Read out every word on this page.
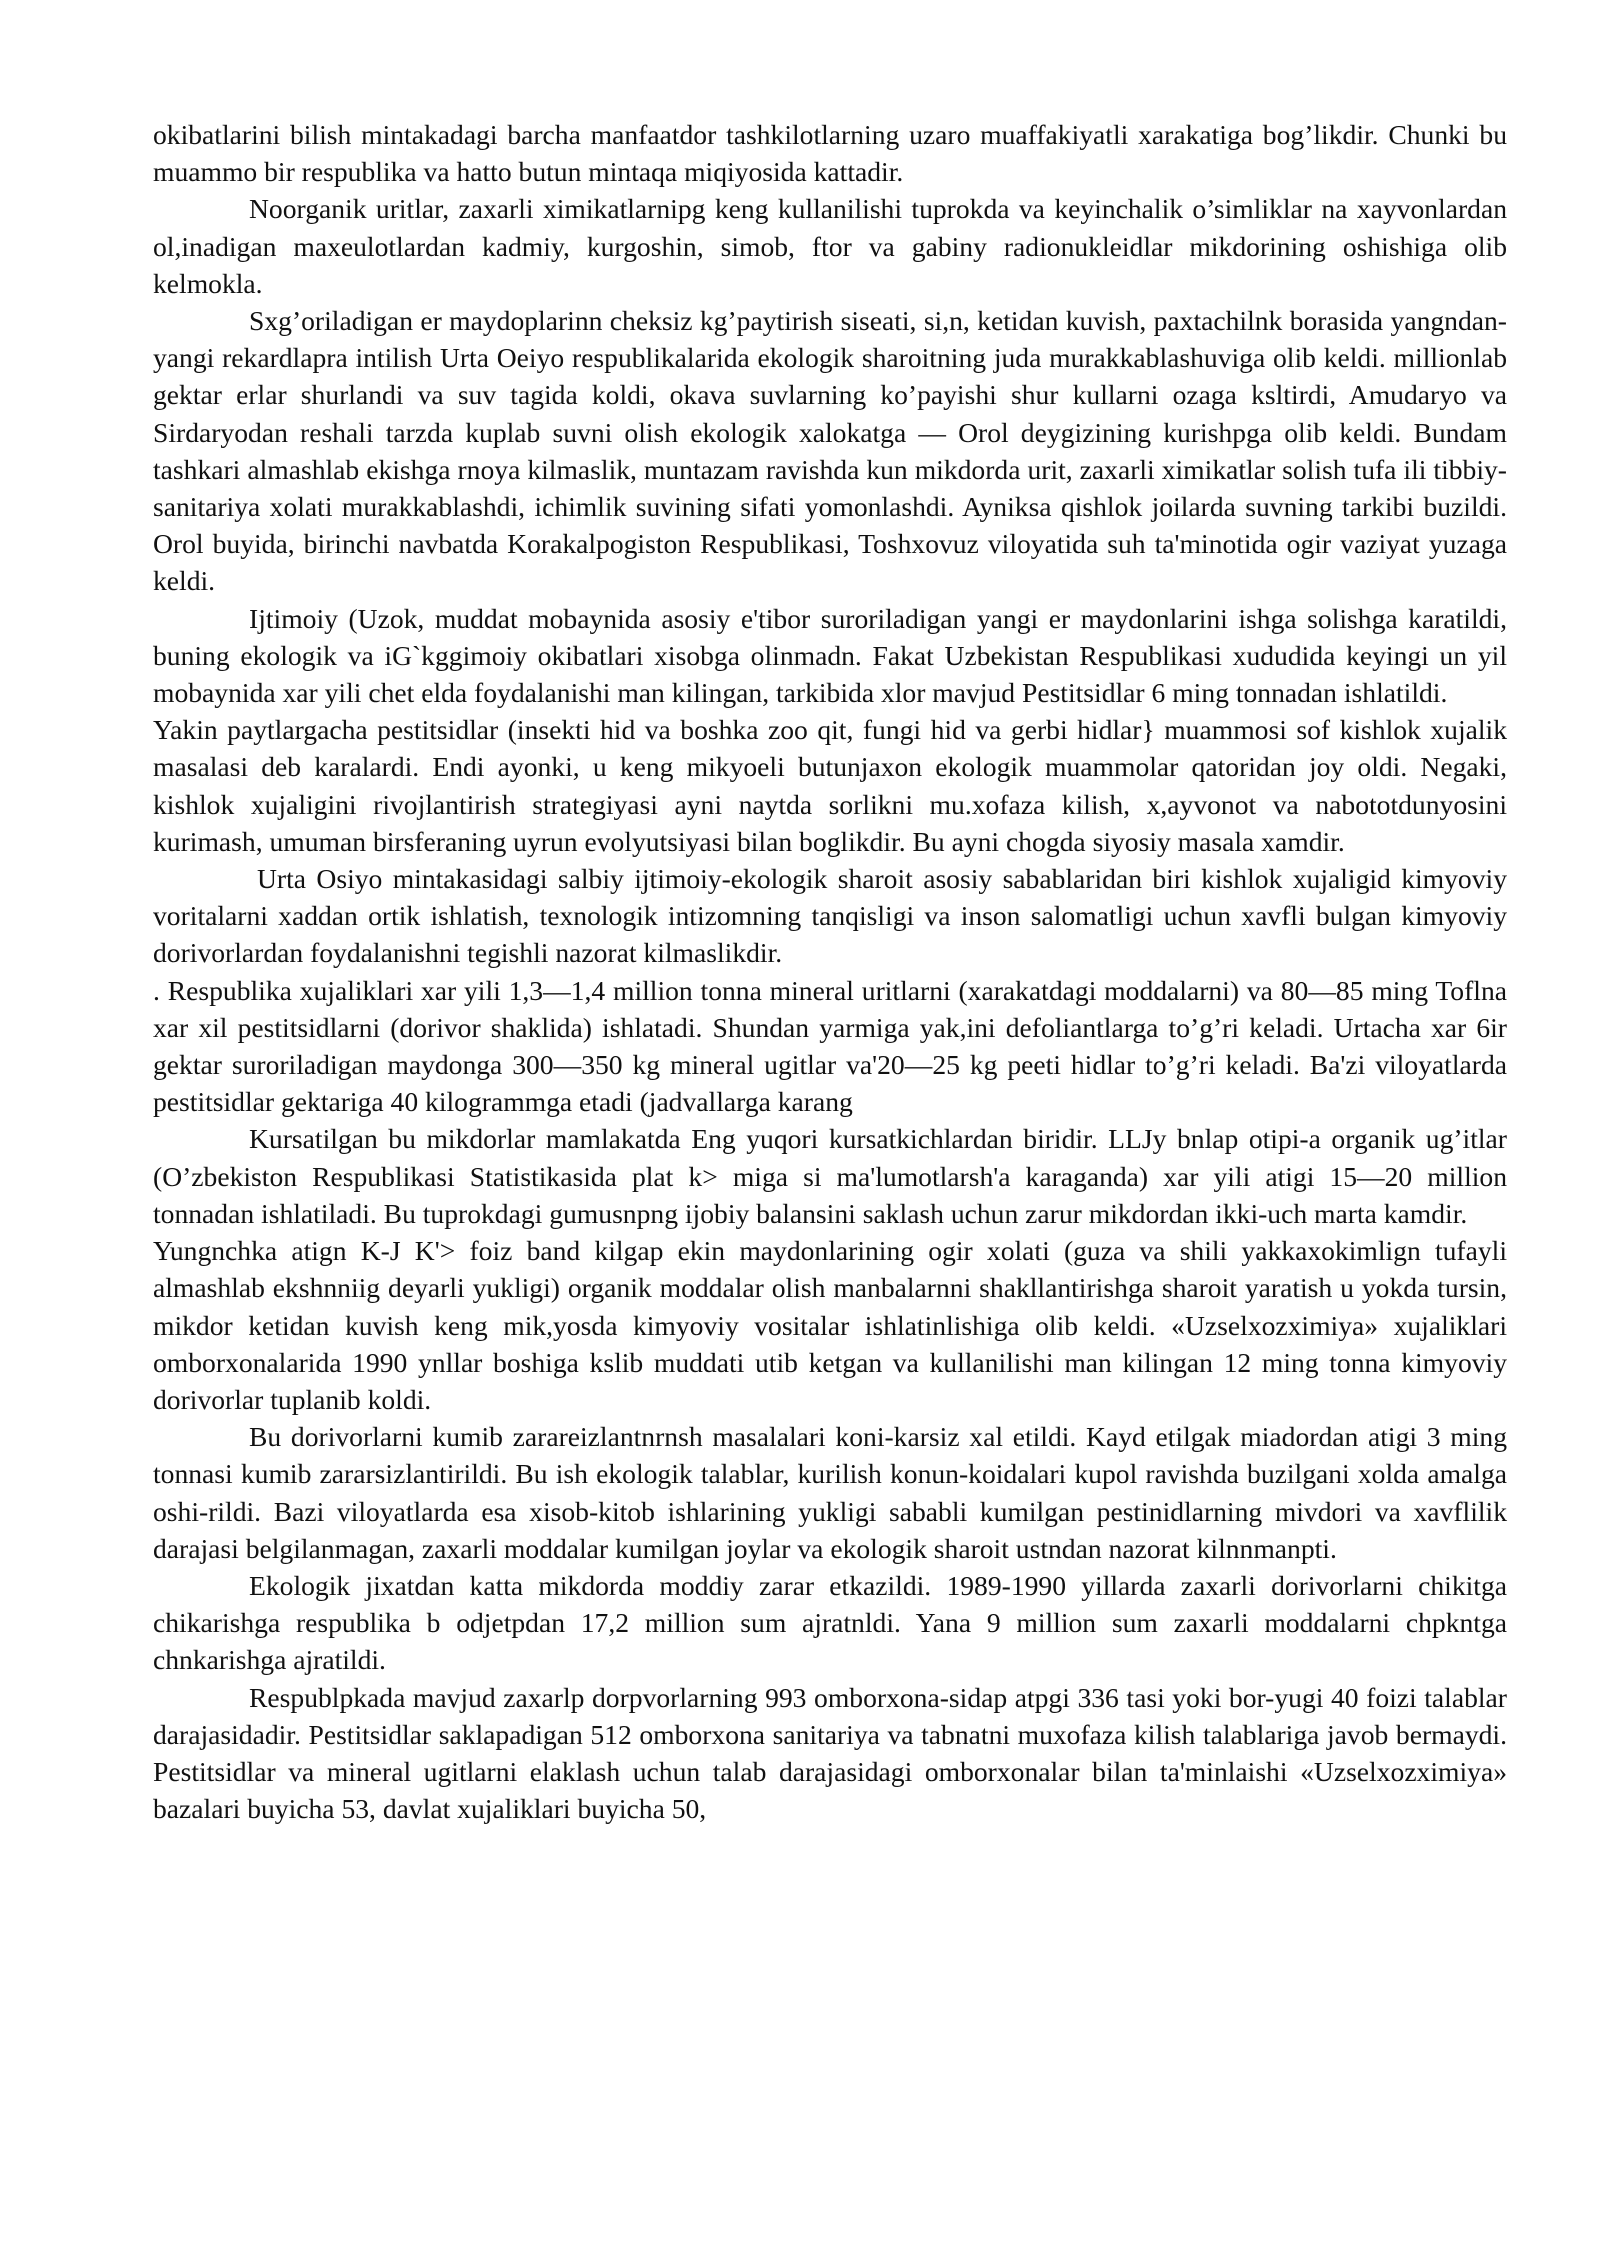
okibatlarini bilish mintakadagi barcha manfaatdor tashkilotlarning uzaro muaffakiyatli xarakatiga bog’likdir. Chunki bu muammo bir respublika va hatto butun mintaqa miqiyosida kattadir.

Noorganik uritlar, zaxarli ximikatlarnipg keng kullanilishi tuprokda va keyinchalik o’simliklar na xayvonlardan ol,inadigan maxeulotlardan kadmiy, kurgoshin, simob, ftor va gabiny radionukleidlar mikdorining oshishiga olib kelmokla.

Sxg’oriladigan er maydoplarinn cheksiz kg’paytirish siseati, si,n, ketidan kuvish, paxtachilnk borasida yangndan-yangi rekardlapra intilish Urta Oeiyo respublikalarida ekologik sharoitning juda murakkablashuviga olib keldi. millionlab gektar erlar shurlandi va suv tagida koldi, okava suvlarning ko’payishi shur kullarni ozaga ksltirdi, Amudaryo va Sirdaryodan reshali tarzda kuplab suvni olish ekologik xalokatga — Orol deygizining kurishpga olib keldi. Bundam tashkari almashlab ekishga rnoya kilmaslik, muntazam ravishda kun mikdorda urit, zaxarli ximikatlar solish tufa ili tibbiy-sanitariya xolati murakkablashdi, ichimlik suvining sifati yomonlashdi. Ayniksa qishlok joilarda suvning tarkibi buzildi. Orol buyida, birinchi navbatda Korakalpogiston Respublikasi, Toshxovuz viloyatida suh ta'minotida ogir vaziyat yuzaga keldi.

Ijtimoiy (Uzok, muddat mobaynida asosiy e'tibor suroriladigan yangi er maydonlarini ishga solishga karatildi, buning ekologik va iG`kggimoiy okibatlari xisobga olinmadn. Fakat Uzbekistan Respublikasi xududida keyingi un yil mobaynida xar yili chet elda foydalanishi man kilingan, tarkibida xlor mavjud Pestitsidlar 6 ming tonnadan ishlatildi.

Yakin paytlargacha pestitsidlar (insekti hid va boshka zoo qit, fungi hid va gerbi hidlar} muammosi sof kishlok xujalik masalasi deb karalardi. Endi ayonki, u keng mikyoeli butunjaxon ekologik muammolar qatoridan joy oldi. Negaki, kishlok xujaligini rivojlantirish strategiyasi ayni naytda sorlikni mu.xofaza kilish, x,ayvonot va nabototdunyosini kurimash, umuman birsferaning uyrun evolyutsiyasi bilan boglikdir. Bu ayni chogda siyosiy masala xamdir.

Urta Osiyo mintakasidagi salbiy ijtimoiy-ekologik sharoit asosiy sabablaridan biri kishlok xujaligid kimyoviy voritalarni xaddan ortik ishlatish, texnologik intizomning tanqisligi va inson salomatligi uchun xavfli bulgan kimyoviy dorivorlardan foydalanishni tegishli nazorat kilmaslikdir.

. Respublika xujaliklari xar yili 1,3—1,4 million tonna mineral uritlarni (xarakatdagi moddalarni) va 80—85 ming Toflna xar xil pestitsidlarni (dorivor shaklida) ishlatadi. Shundan yarmiga yak,ini defoliantlarga to’g’ri keladi. Urtacha xar 6ir gektar suroriladigan maydonga 300—350 kg mineral ugitlar va'20—25 kg peeti hidlar to’g’ri keladi. Ba'zi viloyatlarda pestitsidlar gektariga 40 kilogrammga etadi (jadvallarga karang

Kursatilgan bu mikdorlar mamlakatda Eng yuqori kursatkichlardan biridir. LLJy bnlap otipi-a organik ug’itlar (O’zbekiston Respublikasi Statistikasida plat k> miga si ma'lumotlarsh'a karaganda) xar yili atigi 15—20 million tonnadan ishlatiladi. Bu tuprokdagi gumusnpng ijobiy balansini saklash uchun zarur mikdordan ikki-uch marta kamdir.

Yungnchka atign K-J K'> foiz band kilgap ekin maydonlarining ogir xolati (guza va shili yakkaxokimlign tufayli almashlab ekshnniig deyarli yukligi) organik moddalar olish manbalarnni shakllantirishga sharoit yaratish u yokda tursin, mikdor ketidan kuvish keng mik,yosda kimyoviy vositalar ishlatinlishiga olib keldi. «Uzselxozximiya» xujaliklari omborxonalarida 1990 ynllar boshiga kslib muddati utib ketgan va kullanilishi man kilingan 12 ming tonna kimyoviy dorivorlar tuplanib koldi.

Bu dorivorlarni kumib zarareizlantnrnsh masalalari koni-karsiz xal etildi. Kayd etilgak miadordan atigi 3 ming tonnasi kumib zararsizlantirildi. Bu ish ekologik talablar, kurilish konun-koidalari kupol ravishda buzilgani xolda amalga oshi-rildi. Bazi viloyatlarda esa xisob-kitob ishlarining yukligi sababli kumilgan pestinidlarning mivdori va xavflilik darajasi belgilanmagan, zaxarli moddalar kumilgan joylar va ekologik sharoit ustndan nazorat kilnnmanpti.

Ekologik jixatdan katta mikdorda moddiy zarar etkazildi. 1989-1990 yillarda zaxarli dorivorlarni chikitga chikarishga respublika b odjetpdan 17,2 million sum ajratnldi. Yana 9 million sum zaxarli moddalarni chpkntga chnkarishga ajratildi.

Respublpkada mavjud zaxarlp dorpvorlarning 993 omborxona-sidap atpgi 336 tasi yoki bor-yugi 40 foizi talablar darajasidadir. Pestitsidlar saklapadigan 512 omborxona sanitariya va tabnatni muxofaza kilish talablariga javob bermaydi. Pestitsidlar va mineral ugitlarni elaklash uchun talab darajasidagi omborxonalar bilan ta'minlaishi «Uzselxozximiya» bazalari buyicha 53, davlat xujaliklari buyicha 50,
